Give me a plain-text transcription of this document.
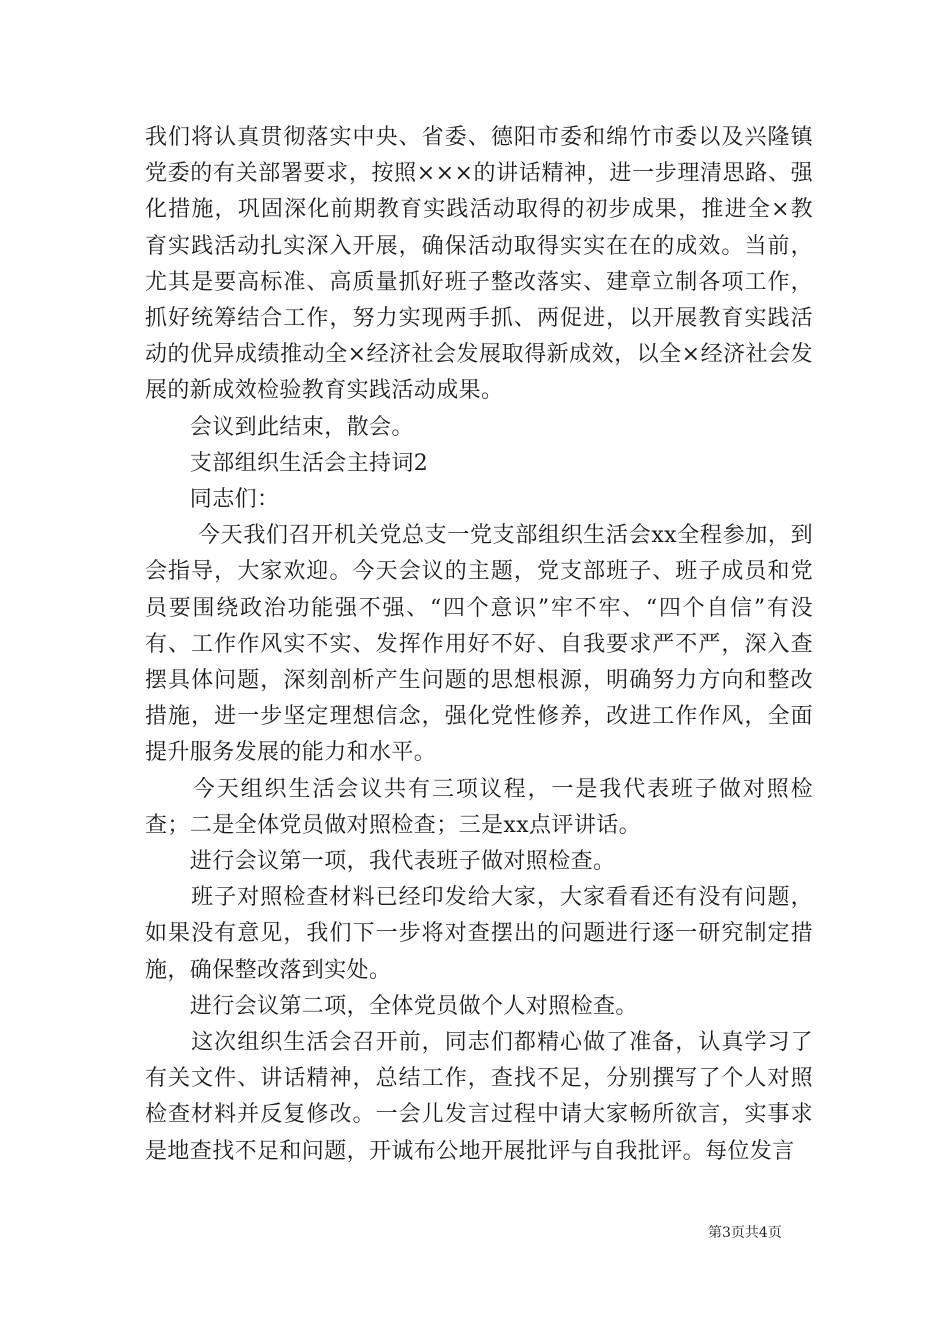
我们将认真贯彻落实中央、省委、德阳市委和绵竹市委以及兴隆镇党委的有关部署要求，按照×××的讲话精神，进一步理清思路、强化措施，巩固深化前期教育实践活动取得的初步成果，推进全×教育实践活动扎实深入开展，确保活动取得实实在在的成效。当前，尤其是要高标准、高质量抓好班子整改落实、建章立制各项工作，抓好统筹结合工作，努力实现两手抓、两促进，以开展教育实践活动的优异成绩推动全×经济社会发展取得新成效，以全×经济社会发展的新成效检验教育实践活动成果。

　　会议到此结束，散会。

　　支部组织生活会主持词2

　　同志们：

　　 今天我们召开机关党总支一党支部组织生活会xx全程参加，到会指导，大家欢迎。今天会议的主题，党支部班子、班子成员和党员要围绕政治功能强不强、“四个意识”牢不牢、“四个自信”有没有、工作作风实不实、发挥作用好不好、自我要求严不严，深入查摆具体问题，深刻剖析产生问题的思想根源，明确努力方向和整改措施，进一步坚定理想信念，强化党性修养，改进工作作风，全面提升服务发展的能力和水平。

　　今天组织生活会议共有三项议程，一是我代表班子做对照检查；二是全体党员做对照检查；三是xx点评讲话。

　　进行会议第一项，我代表班子做对照检查。

　　班子对照检查材料已经印发给大家，大家看看还有没有问题，如果没有意见，我们下一步将对查摆出的问题进行逐一研究制定措施，确保整改落到实处。

　　进行会议第二项，全体党员做个人对照检查。

　　这次组织生活会召开前，同志们都精心做了准备，认真学习了有关文件、讲话精神，总结工作，查找不足，分别撰写了个人对照检查材料并反复修改。一会儿发言过程中请大家畅所欲言，实事求是地查找不足和问题，开诚布公地开展批评与自我批评。每位发言

第3页共4页
